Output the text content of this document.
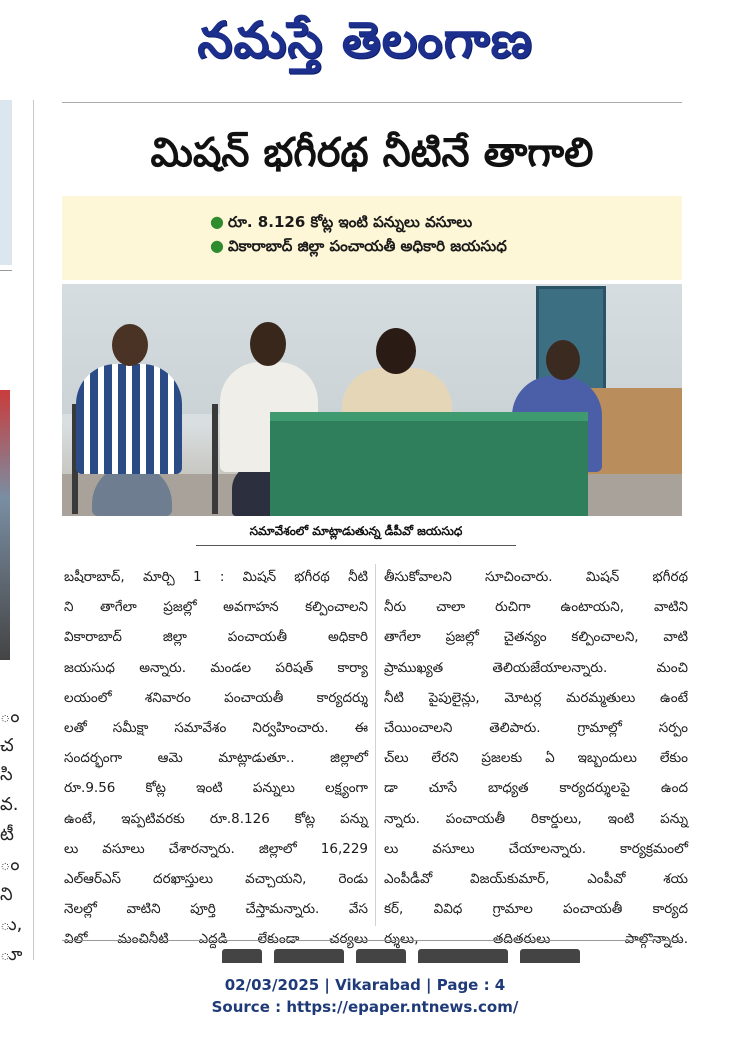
నమస్తే తెలంగాణ
ం
చ
సి
వ.
టీ
ం
ని
ు,
ూ
మిషన్ భగీరథ నీటినే తాగాలి
● రూ. 8.126 కోట్ల ఇంటి పన్నులు వసూలు
● వికారాబాద్ జిల్లా పంచాయతీ అధికారి జయసుధ
సమావేశంలో మాట్లాడుతున్న డీపీవో జయసుధ
బషీరాబాద్, మార్చి 1 : మిషన్ భగీరథ నీటి
ని తాగేలా ప్రజల్లో అవగాహన కల్పించాలని
వికారాబాద్ జిల్లా పంచాయతీ అధికారి
జయసుధ అన్నారు. మండల పరిషత్ కార్యా
లయంలో శనివారం పంచాయతీ కార్యదర్శు
లతో సమీక్షా సమావేశం నిర్వహించారు. ఈ
సందర్భంగా ఆమె మాట్లాడుతూ.. జిల్లాలో
రూ.9.56 కోట్ల ఇంటి పన్నులు లక్ష్యంగా
ఉంటే, ఇప్పటివరకు రూ.8.126 కోట్ల పన్ను
లు వసూలు చేశారన్నారు. జిల్లాలో 16,229
ఎల్ఆర్ఎస్ దరఖాస్తులు వచ్చాయని, రెండు
నెలల్లో వాటిని పూర్తి చేస్తామన్నారు. వేస
విలో మంచినీటి ఎద్దడి లేకుండా చర్యలు
తీసుకోవాలని సూచించారు. మిషన్ భగీరథ
నీరు చాలా రుచిగా ఉంటాయని, వాటిని
తాగేలా ప్రజల్లో చైతన్యం కల్పించాలని, వాటి
ప్రాముఖ్యత తెలియజేయాలన్నారు. మంచి
నీటి పైపులైన్లు, మోటర్ల మరమ్మతులు ఉంటే
చేయించాలని తెలిపారు. గ్రామాల్లో సర్పం
చ్‌లు లేరని ప్రజలకు ఏ ఇబ్బందులు లేకుం
డా చూసే బాధ్యత కార్యదర్శులపై ఉంద
న్నారు. పంచాయతీ రికార్డులు, ఇంటి పన్ను
లు వసూలు చేయాలన్నారు. కార్యక్రమంలో
ఎంపీడీవో విజయ్‌కుమార్, ఎంపీవో శయ
కర్, వివిధ గ్రామాల పంచాయతీ కార్యద
ర్శులు, తదితరులు పాల్గొన్నారు.
02/03/2025 | Vikarabad | Page : 4
Source : https://epaper.ntnews.com/
